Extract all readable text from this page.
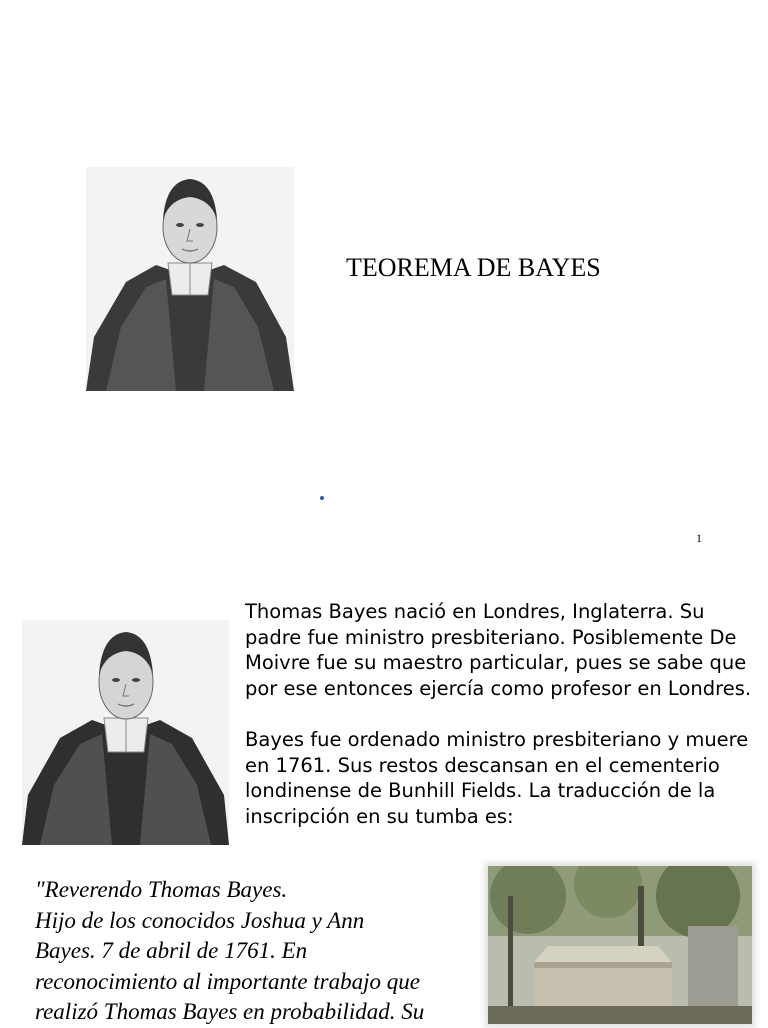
TEOREMA DE BAYES
1

Thomas Bayes nació en Londres, Inglaterra. Su padre fue ministro presbiteriano. Posiblemente De Moivre fue su maestro particular, pues se sabe que por ese entonces ejercía como profesor en Londres.

Bayes fue ordenado ministro presbiteriano y muere en 1761. Sus restos descansan en el cementerio londinense de Bunhill Fields. La traducción de la inscripción en su tumba es:

"Reverendo Thomas Bayes.
Hijo de los conocidos Joshua y Ann
Bayes. 7 de abril de 1761. En
reconocimiento al importante trabajo que
realizó Thomas Bayes en probabilidad. Su
